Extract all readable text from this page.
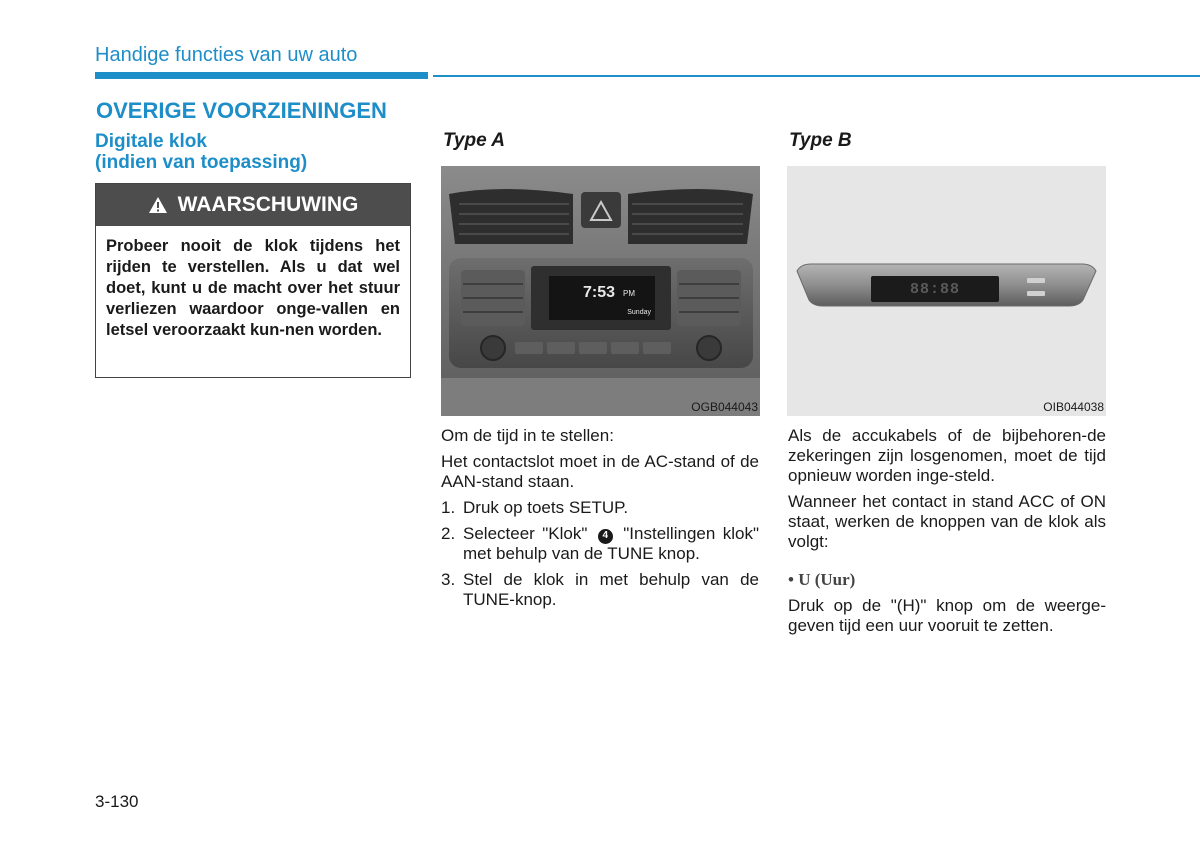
Handige functies van uw auto
OVERIGE VOORZIENINGEN
Digitale klok
(indien van toepassing)
WAARSCHUWING
Probeer nooit de klok tijdens het rijden te verstellen. Als u dat wel doet, kunt u de macht over het stuur verliezen waardoor onge-vallen en letsel veroorzaakt kun-nen worden.
Type A
7:53 PM
Sunday
OGB044043

Om de tijd in te stellen:

Het contactslot moet in de AC-stand of de AAN-stand staan.

1. Druk op toets SETUP.
2. Selecteer "Klok" 4 "Instellingen klok" met behulp van de TUNE knop.
3. Stel de klok in met behulp van de TUNE-knop.
Type B
88:88
OIB044038

Als de accukabels of de bijbehoren-de zekeringen zijn losgenomen, moet de tijd opnieuw worden inge-steld.

Wanneer het contact in stand ACC of ON staat, werken de knoppen van de klok als volgt:

• U (Uur)

Druk op de "(H)" knop om de weerge-geven tijd een uur vooruit te zetten.

3-130
